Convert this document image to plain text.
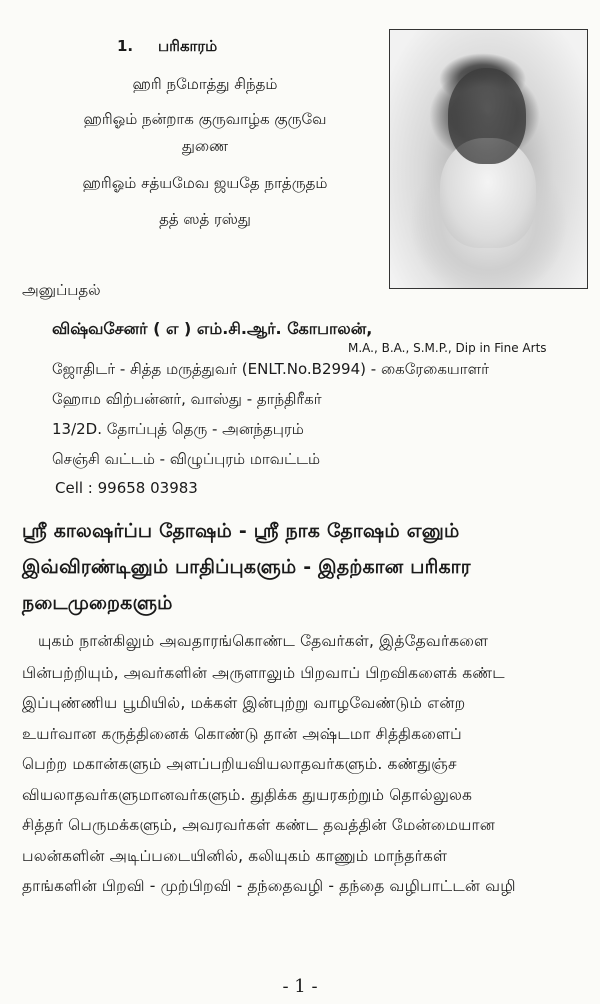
1. பரிகாரம்
ஹரி நமோத்து சிந்தம்
ஹரிஓம் நன்றாக குருவாழ்க குருவே
துணை
ஹரிஓம் சத்யமேவ ஜயதே நாத்ருதம்
தத் ஸத் ரஸ்து
அனுப்பதல்
விஷ்வசேனர் ( எ ) எம்.சி.ஆர். கோபாலன்,
M.A., B.A., S.M.P., Dip in Fine Arts
ஜோதிடர் - சித்த மருத்துவர் (ENLT.No.B2994) - கைரேகையாளர்
ஹோம விற்பன்னர், வாஸ்து - தாந்திரீகர்
13/2D. தோப்புத் தெரு - அனந்தபுரம்
செஞ்சி வட்டம் - விழுப்புரம் மாவட்டம்
Cell : 99658 03983
ஸ்ரீ காலஷர்ப்ப தோஷம் - ஸ்ரீ நாக தோஷம் எனும்
இவ்விரண்டினும் பாதிப்புகளும் - இதற்கான பரிகார
நடைமுறைகளும்
யுகம் நான்கிலும் அவதாரங்கொண்ட தேவர்கள், இத்தேவர்களை
பின்பற்றியும், அவர்களின் அருளாலும் பிறவாப் பிறவிகளைக் கண்ட
இப்புண்ணிய பூமியில், மக்கள் இன்புற்று வாழவேண்டும் என்ற
உயர்வான கருத்தினைக் கொண்டு தான் அஷ்டமா சித்திகளைப்
பெற்ற மகான்களும் அளப்பறியவியலாதவர்களும். கண்துஞ்ச
வியலாதவர்களுமானவர்களும். துதிக்க துயரகற்றும் தொல்லுலக
சித்தர் பெருமக்களும், அவரவர்கள் கண்ட தவத்தின் மேன்மையான
பலன்களின் அடிப்படையினில், கலியுகம் காணும் மாந்தர்கள்
தாங்களின் பிறவி - முற்பிறவி - தந்தைவழி - தந்தை வழிபாட்டன் வழி
- 1 -
